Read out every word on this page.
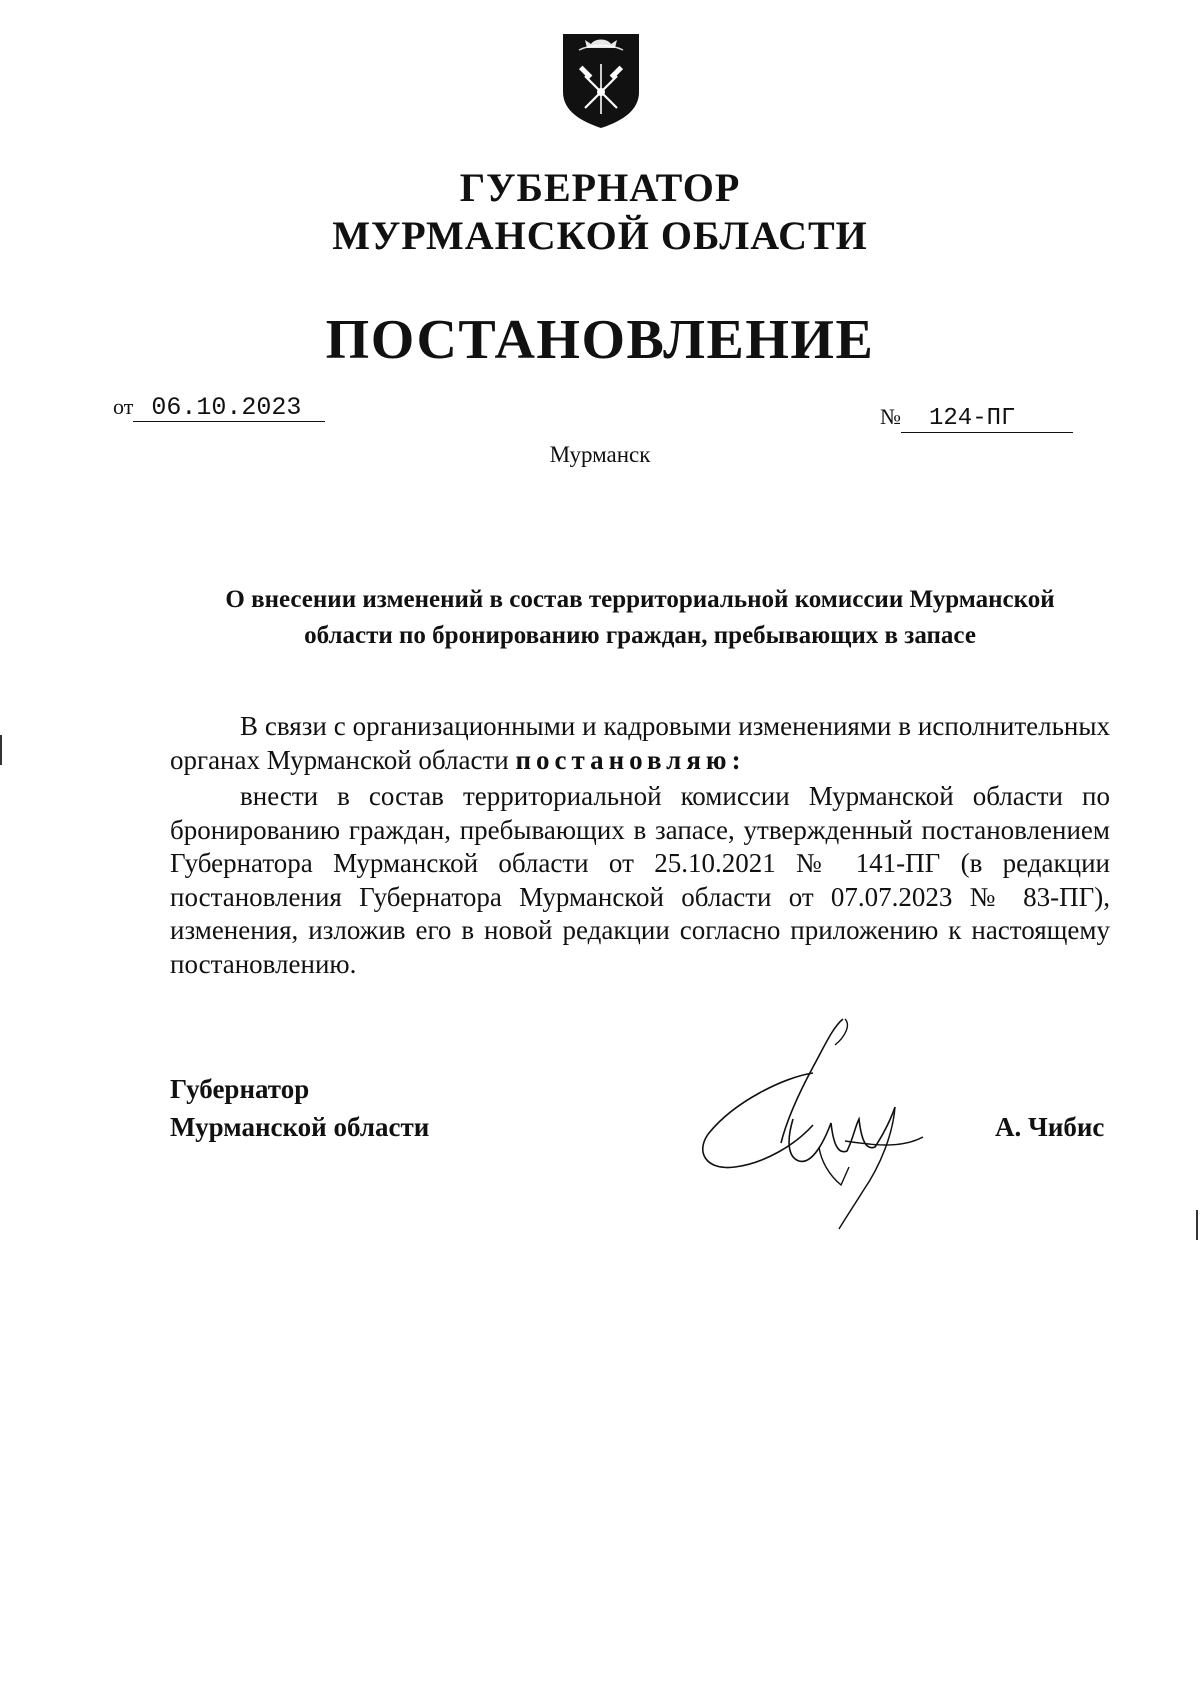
ГУБЕРНАТОР
МУРМАНСКОЙ ОБЛАСТИ
ПОСТАНОВЛЕНИЕ
от 06.10.2023	№ 124-ПГ
Мурманск
О внесении изменений в состав территориальной комиссии Мурманской
области по бронированию граждан, пребывающих в запасе
В связи с организационными и кадровыми изменениями в исполнительных органах Мурманской области постановляю:
внести в состав территориальной комиссии Мурманской области по бронированию граждан, пребывающих в запасе, утвержденный постановлением Губернатора Мурманской области от 25.10.2021 № 141-ПГ (в редакции постановления Губернатора Мурманской области от 07.07.2023 № 83-ПГ), изменения, изложив его в новой редакции согласно приложению к настоящему постановлению.
Губернатор
Мурманской области	А. Чибис
